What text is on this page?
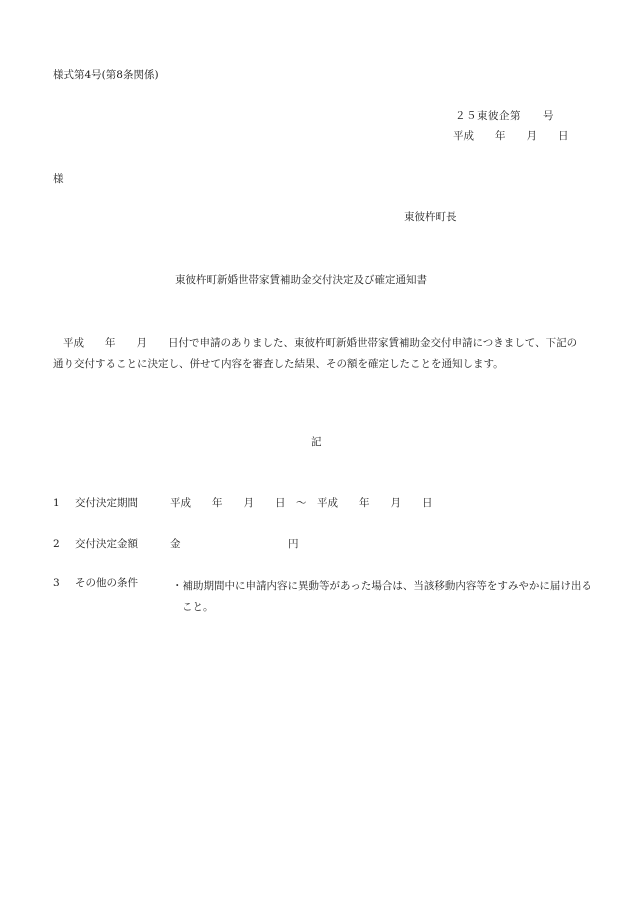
様式第4号(第8条関係)
２５東彼企第　　号
平成　　年　　月　　日
様
東彼杵町長
東彼杵町新婚世帯家賃補助金交付決定及び確定通知書
平成　　年　　月　　日付で申請のありました、東彼杵町新婚世帯家賃補助金交付申請につきまして、下記の通り交付することに決定し、併せて内容を審査した結果、その額を確定したことを通知します。
記
1 交付決定期間	平成　　年　　月　　日　～　平成　　年　　月　　日
2 交付決定金額	金	円
3 その他の条件	・補助期間中に申請内容に異動等があった場合は、当該移動内容等をすみやかに届け出ること。
